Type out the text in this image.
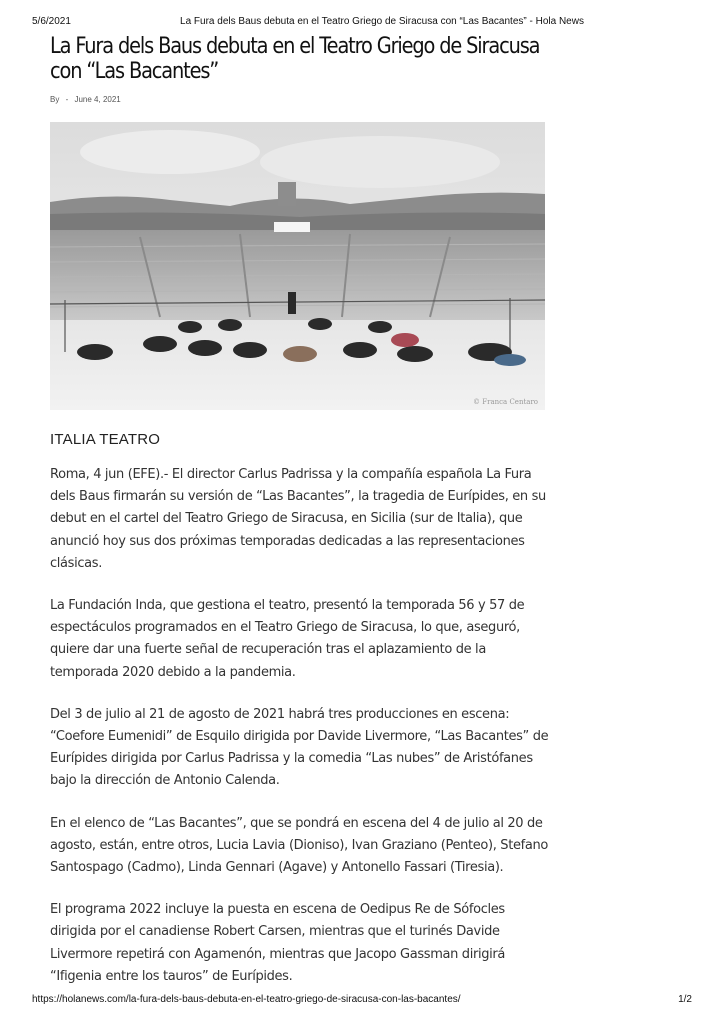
5/6/2021	La Fura dels Baus debuta en el Teatro Griego de Siracusa con “Las Bacantes” - Hola News
La Fura dels Baus debuta en el Teatro Griego de Siracusa con “Las Bacantes”
By - June 4, 2021
© Franca Centaro
ITALIA TEATRO

Roma, 4 jun (EFE).- El director Carlus Padrissa y la compañía española La Fura dels Baus firmarán su versión de “Las Bacantes”, la tragedia de Eurípides, en su debut en el cartel del Teatro Griego de Siracusa, en Sicilia (sur de Italia), que anunció hoy sus dos próximas temporadas dedicadas a las representaciones clásicas.

La Fundación Inda, que gestiona el teatro, presentó la temporada 56 y 57 de espectáculos programados en el Teatro Griego de Siracusa, lo que, aseguró, quiere dar una fuerte señal de recuperación tras el aplazamiento de la temporada 2020 debido a la pandemia.

Del 3 de julio al 21 de agosto de 2021 habrá tres producciones en escena: “Coefore Eumenidi” de Esquilo dirigida por Davide Livermore, “Las Bacantes” de Eurípides dirigida por Carlus Padrissa y la comedia “Las nubes” de Aristófanes bajo la dirección de Antonio Calenda.

En el elenco de “Las Bacantes”, que se pondrá en escena del 4 de julio al 20 de agosto, están, entre otros, Lucia Lavia (Dioniso), Ivan Graziano (Penteo), Stefano Santospago (Cadmo), Linda Gennari (Agave) y Antonello Fassari (Tiresia).

El programa 2022 incluye la puesta en escena de Oedipus Re de Sófocles dirigida por el canadiense Robert Carsen, mientras que el turinés Davide Livermore repetirá con Agamenón, mientras que Jacopo Gassman dirigirá “Ifigenia entre los tauros” de Eurípides.

https://holanews.com/la-fura-dels-baus-debuta-en-el-teatro-griego-de-siracusa-con-las-bacantes/	1/2
